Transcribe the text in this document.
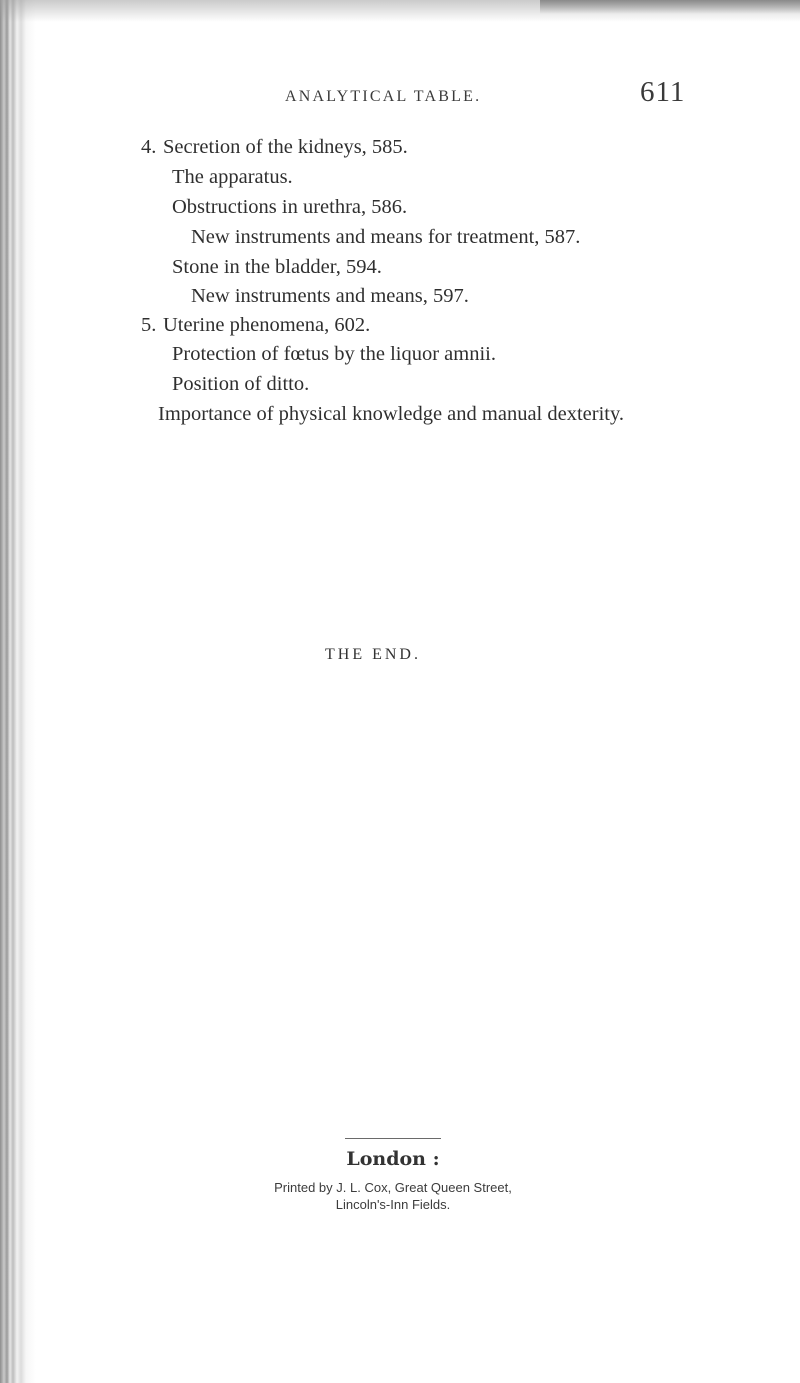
ANALYTICAL TABLE.	611
4. Secretion of the kidneys, 585.
The apparatus.
Obstructions in urethra, 586.
New instruments and means for treatment, 587.
Stone in the bladder, 594.
New instruments and means, 597.
5. Uterine phenomena, 602.
Protection of fœtus by the liquor amnii.
Position of ditto.
Importance of physical knowledge and manual dexterity.
THE END.
London :
Printed by J. L. Cox, Great Queen Street,
Lincoln's-Inn Fields.
